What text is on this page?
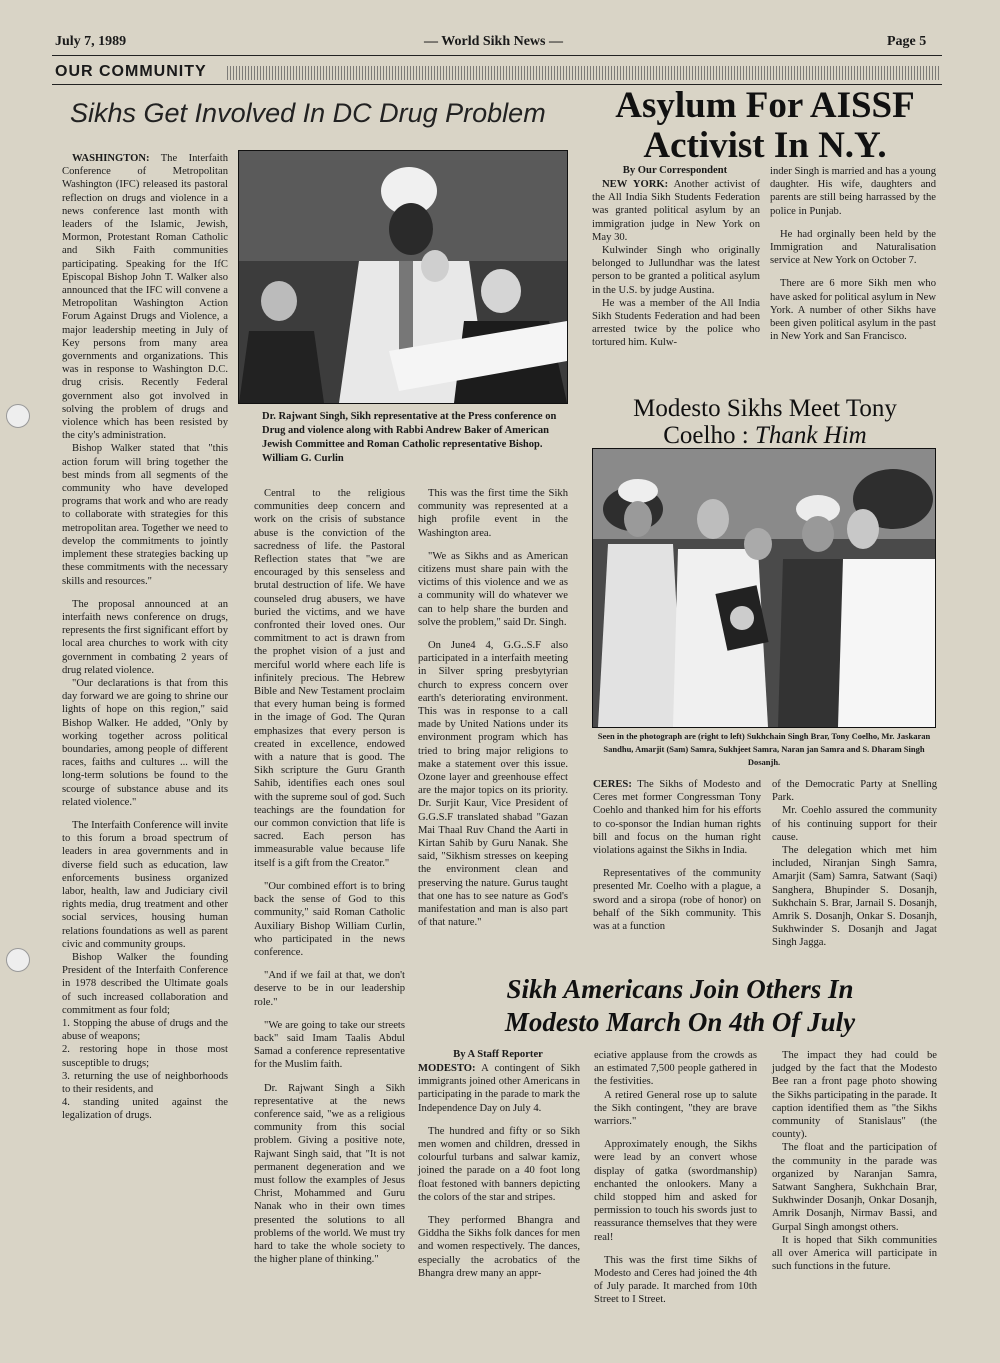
July 7, 1989	— World Sikh News —	Page 5
OUR COMMUNITY
Sikhs Get Involved In DC Drug Problem

WASHINGTON: The Interfaith Conference of Metropolitan Washington (IFC) released its pastoral reflection on drugs and violence in a news conference last month with leaders of the Islamic, Jewish, Mormon, Protestant Roman Catholic and Sikh Faith communities participating. Speaking for the IfC Episcopal Bishop John T. Walker also announced that the IFC will convene a Metropolitan Washington Action Forum Against Drugs and Violence, a major leadership meeting in July of Key persons from many area governments and organizations. This was in response to Washington D.C. drug crisis. Recently Federal government also got involved in solving the problem of drugs and violence which has been resisted by the city's administration.

Bishop Walker stated that "this action forum will bring together the best minds from all segments of the community who have developed programs that work and who are ready to collaborate with strategies for this metropolitan area. Together we need to develop the commitments to jointly implement these strategies backing up these commitments with the necessary skills and resources."

The proposal announced at an interfaith news conference on drugs, represents the first significant effort by local area churches to work with city government in combating 2 years of drug related violence.

"Our declarations is that from this day forward we are going to shrine our lights of hope on this region," said Bishop Walker. He added, "Only by working together across political boundaries, among people of different races, faiths and cultures ... will the long-term solutions be found to the scourge of substance abuse and its related violence."

The Interfaith Conference will invite to this forum a broad spectrum of leaders in area governments and in diverse field such as education, law enforcements business organized labor, health, law and Judiciary civil rights media, drug treatment and other social services, housing human relations foundations as well as parent civic and community groups.

Bishop Walker the founding President of the Interfaith Conference in 1978 described the Ultimate goals of such increased collaboration and commitment as four fold;

1. Stopping the abuse of drugs and the abuse of weapons;

2. restoring hope in those most susceptible to drugs;

3. returning the use of neighborhoods to their residents, and

4. standing united against the legalization of drugs.

Dr. Rajwant Singh, Sikh representative at the Press conference on Drug and violence along with Rabbi Andrew Baker of American Jewish Committee and Roman Catholic representative Bishop. William G. Curlin

Central to the religious communities deep concern and work on the crisis of substance abuse is the conviction of the sacredness of life. the Pastoral Reflection states that "we are encouraged by this senseless and brutal destruction of life. We have counseled drug abusers, we have buried the victims, and we have confronted their loved ones. Our commitment to act is drawn from the prophet vision of a just and merciful world where each life is infinitely precious. The Hebrew Bible and New Testament proclaim that every human being is formed in the image of God. The Quran emphasizes that every person is created in excellence, endowed with a nature that is good. The Sikh scripture the Guru Granth Sahib, identifies each ones soul with the supreme soul of god. Such teachings are the foundation for our common conviction that life is sacred. Each person has immeasurable value because life itself is a gift from the Creator."

"Our combined effort is to bring back the sense of God to this community," said Roman Catholic Auxiliary Bishop William Curlin, who participated in the news conference.

"And if we fail at that, we don't deserve to be in our leadership role."

"We are going to take our streets back" said Imam Taalis Abdul Samad a conference representative for the Muslim faith.

Dr. Rajwant Singh a Sikh representative at the news conference said, "we as a religious community from this social problem. Giving a positive note, Rajwant Singh said, that "It is not permanent degeneration and we must follow the examples of Jesus Christ, Mohammed and Guru Nanak who in their own times presented the solutions to all problems of the world. We must try hard to take the whole society to the higher plane of thinking."

This was the first time the Sikh community was represented at a high profile event in the Washington area.

"We as Sikhs and as American citizens must share pain with the victims of this violence and we as a community will do whatever we can to help share the burden and solve the problem," said Dr. Singh.

On June4 4, G.G..S.F also participated in a interfaith meeting in Silver spring presbytyrian church to express concern over earth's deteriorating environment. This was in response to a call made by United Nations under its environment program which has tried to bring major religions to make a statement over this issue. Ozone layer and greenhouse effect are the major topics on its priority. Dr. Surjit Kaur, Vice President of G.G.S.F translated shabad "Gazan Mai Thaal Ruv Chand the Aarti in Kirtan Sahib by Guru Nanak. She said, "Sikhism stresses on keeping the environment clean and preserving the nature. Gurus taught that one has to see nature as God's manifestation and man is also part of that nature."

Asylum For AISSF
Activist In N.Y.
By Our Correspondent

NEW YORK: Another activist of the All India Sikh Students Federation was granted political asylum by an immigration judge in New York on May 30.

Kulwinder Singh who originally belonged to Jullundhar was the latest person to be granted a political asylum in the U.S. by judge Austina.

He was a member of the All India Sikh Students Federation and had been arrested twice by the police who tortured him. Kulw-

inder Singh is married and has a young daughter. His wife, daughters and parents are still being harrassed by the police in Punjab.

He had orginally been held by the Immigration and Naturalisation service at New York on October 7.

There are 6 more Sikh men who have asked for political asylum in New York. A number of other Sikhs have been given political asylum in the past in New York and San Francisco.

Modesto Sikhs Meet Tony
Coelho : Thank Him
Seen in the photograph are (right to left) Sukhchain Singh Brar, Tony Coelho, Mr. Jaskaran Sandhu, Amarjit (Sam) Samra, Sukhjeet Samra, Naran jan Samra and S. Dharam Singh Dosanjh.

CERES: The Sikhs of Modesto and Ceres met former Congressman Tony Coehlo and thanked him for his efforts to co-sponsor the Indian human rights bill and focus on the human right violations against the Sikhs in India.

Representatives of the community presented Mr. Coelho with a plague, a sword and a siropa (robe of honor) on behalf of the Sikh community. This was at a function

of the Democratic Party at Snelling Park.

Mr. Coehlo assured the community of his continuing support for their cause.

The delegation which met him included, Niranjan Singh Samra, Amarjit (Sam) Samra, Satwant (Saqi) Sanghera, Bhupinder S. Dosanjh, Sukhchain S. Brar, Jarnail S. Dosanjh, Amrik S. Dosanjh, Onkar S. Dosanjh, Sukhwinder S. Dosanjh and Jagat Singh Jagga.

Sikh Americans Join Others In
Modesto March On 4th Of July
By A Staff Reporter

MODESTO: A contingent of Sikh immigrants joined other Americans in participating in the parade to mark the Independence Day on July 4.

The hundred and fifty or so Sikh men women and children, dressed in colourful turbans and salwar kamiz, joined the parade on a 40 foot long float festoned with banners depicting the colors of the star and stripes.

They performed Bhangra and Giddha the Sikhs folk dances for men and women respectively. The dances, especially the acrobatics of the Bhangra drew many an appr-

eciative applause from the crowds as an estimated 7,500 people gathered in the festivities.

A retired General rose up to salute the Sikh contingent, "they are brave warriors."

Approximately enough, the Sikhs were lead by an convert whose display of gatka (swordmanship) enchanted the onlookers. Many a child stopped him and asked for permission to touch his swords just to reassurance themselves that they were real!

This was the first time Sikhs of Modesto and Ceres had joined the 4th of July parade. It marched from 10th Street to I Street.

The impact they had could be judged by the fact that the Modesto Bee ran a front page photo showing the Sikhs participating in the parade. It caption identified them as "the Sikhs community of Stanislaus" (the county).

The float and the participation of the community in the parade was organized by Naranjan Samra, Satwant Sanghera, Sukhchain Brar, Sukhwinder Dosanjh, Onkar Dosanjh, Amrik Dosanjh, Nirmav Bassi, and Gurpal Singh amongst others.

It is hoped that Sikh communities all over America will participate in such functions in the future.
